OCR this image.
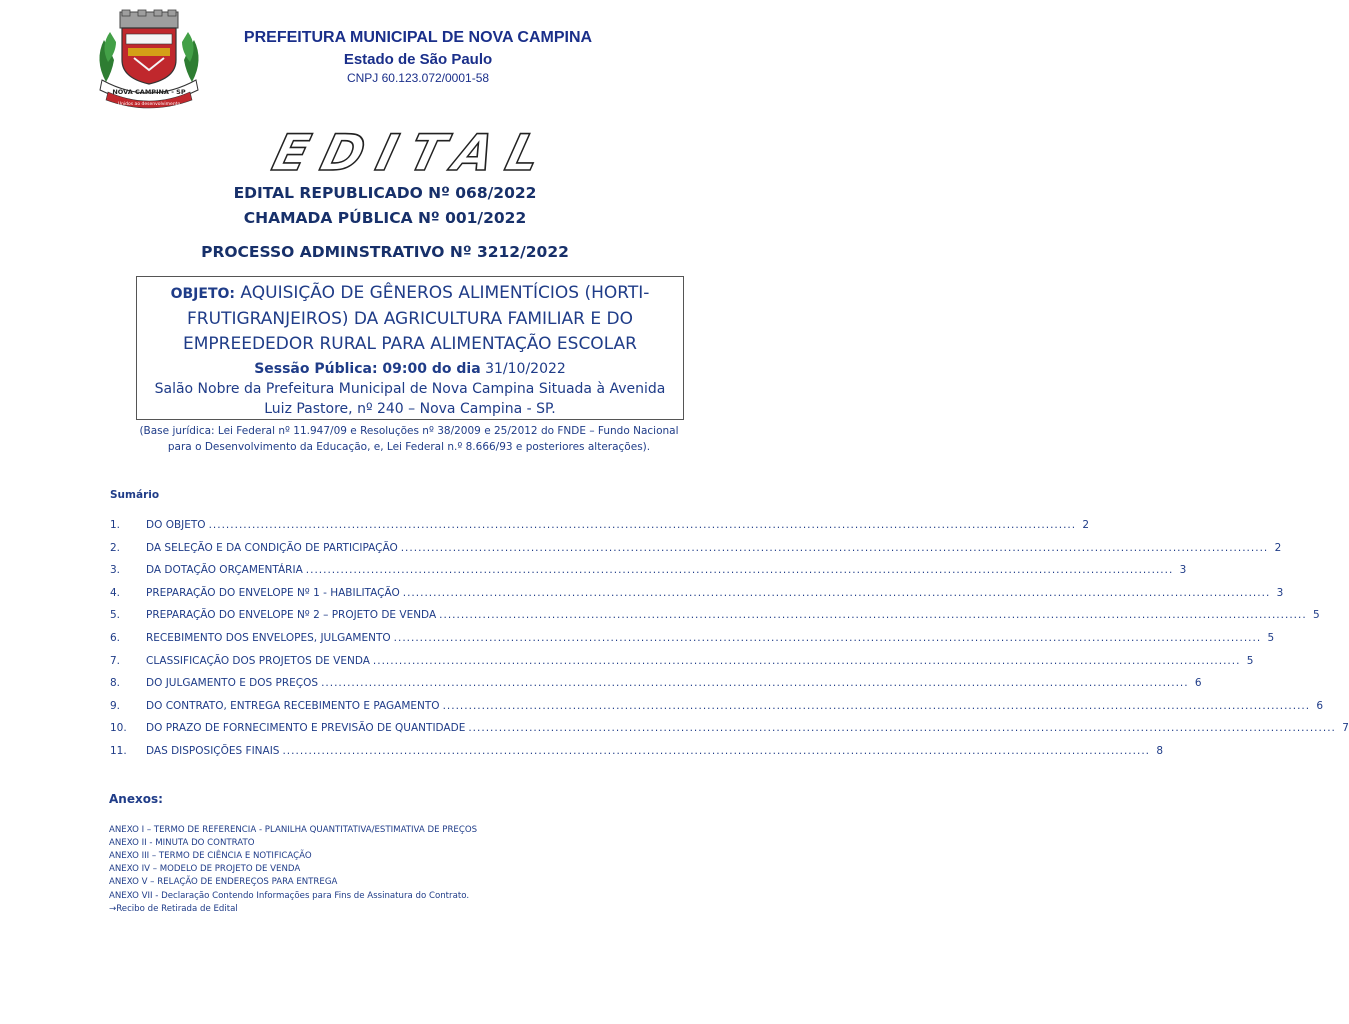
NOVA CAMPINA - SP
Unidos ao desenvolvimento
PREFEITURA MUNICIPAL DE NOVA CAMPINA
Estado de São Paulo
CNPJ 60.123.072/0001-58
EDITAL
EDITAL REPUBLICADO Nº 068/2022
CHAMADA PÚBLICA Nº 001/2022
PROCESSO ADMINSTRATIVO Nº 3212/2022
OBJETO: AQUISIÇÃO DE GÊNEROS ALIMENTÍCIOS (HORTI-
FRUTIGRANJEIROS) DA AGRICULTURA FAMILIAR E DO
EMPREEDEDOR RURAL PARA ALIMENTAÇÃO ESCOLAR
Sessão Pública: 09:00 do dia 31/10/2022
Salão Nobre da Prefeitura Municipal de Nova Campina Situada à Avenida
Luiz Pastore, nº 240 – Nova Campina - SP.
(Base jurídica: Lei Federal nº 11.947/09 e Resoluções nº 38/2009 e 25/2012 do FNDE – Fundo Nacional
para o Desenvolvimento da Educação, e, Lei Federal n.º 8.666/93 e posteriores alterações).
Sumário
1.	DO OBJETO ........................................................................................................................................................................................................ 2
2.	DA SELEÇÃO E DA CONDIÇÃO DE PARTICIPAÇÃO ........................................................................................................................................................................................................ 2
3.	DA DOTAÇÃO ORÇAMENTÁRIA ........................................................................................................................................................................................................ 3
4.	PREPARAÇÃO DO ENVELOPE Nº 1 - HABILITAÇÃO ........................................................................................................................................................................................................ 3
5.	PREPARAÇÃO DO ENVELOPE Nº 2 – PROJETO DE VENDA ........................................................................................................................................................................................................ 5
6.	RECEBIMENTO DOS ENVELOPES, JULGAMENTO ........................................................................................................................................................................................................ 5
7.	CLASSIFICAÇÃO DOS PROJETOS DE VENDA ........................................................................................................................................................................................................ 5
8.	DO JULGAMENTO E DOS PREÇOS ........................................................................................................................................................................................................ 6
9.	DO CONTRATO, ENTREGA RECEBIMENTO E PAGAMENTO ........................................................................................................................................................................................................ 6
10.	DO PRAZO DE FORNECIMENTO E PREVISÃO DE QUANTIDADE ........................................................................................................................................................................................................ 7
11.	DAS DISPOSIÇÕES FINAIS ........................................................................................................................................................................................................ 8
Anexos:
ANEXO I – TERMO DE REFERENCIA - PLANILHA QUANTITATIVA/ESTIMATIVA DE PREÇOS
ANEXO II - MINUTA DO CONTRATO
ANEXO III – TERMO DE CIÊNCIA E NOTIFICAÇÃO
ANEXO IV – MODELO DE PROJETO DE VENDA
ANEXO V – RELAÇÃO DE ENDEREÇOS PARA ENTREGA
ANEXO VII - Declaração Contendo Informações para Fins de Assinatura do Contrato.
→Recibo de Retirada de Edital
